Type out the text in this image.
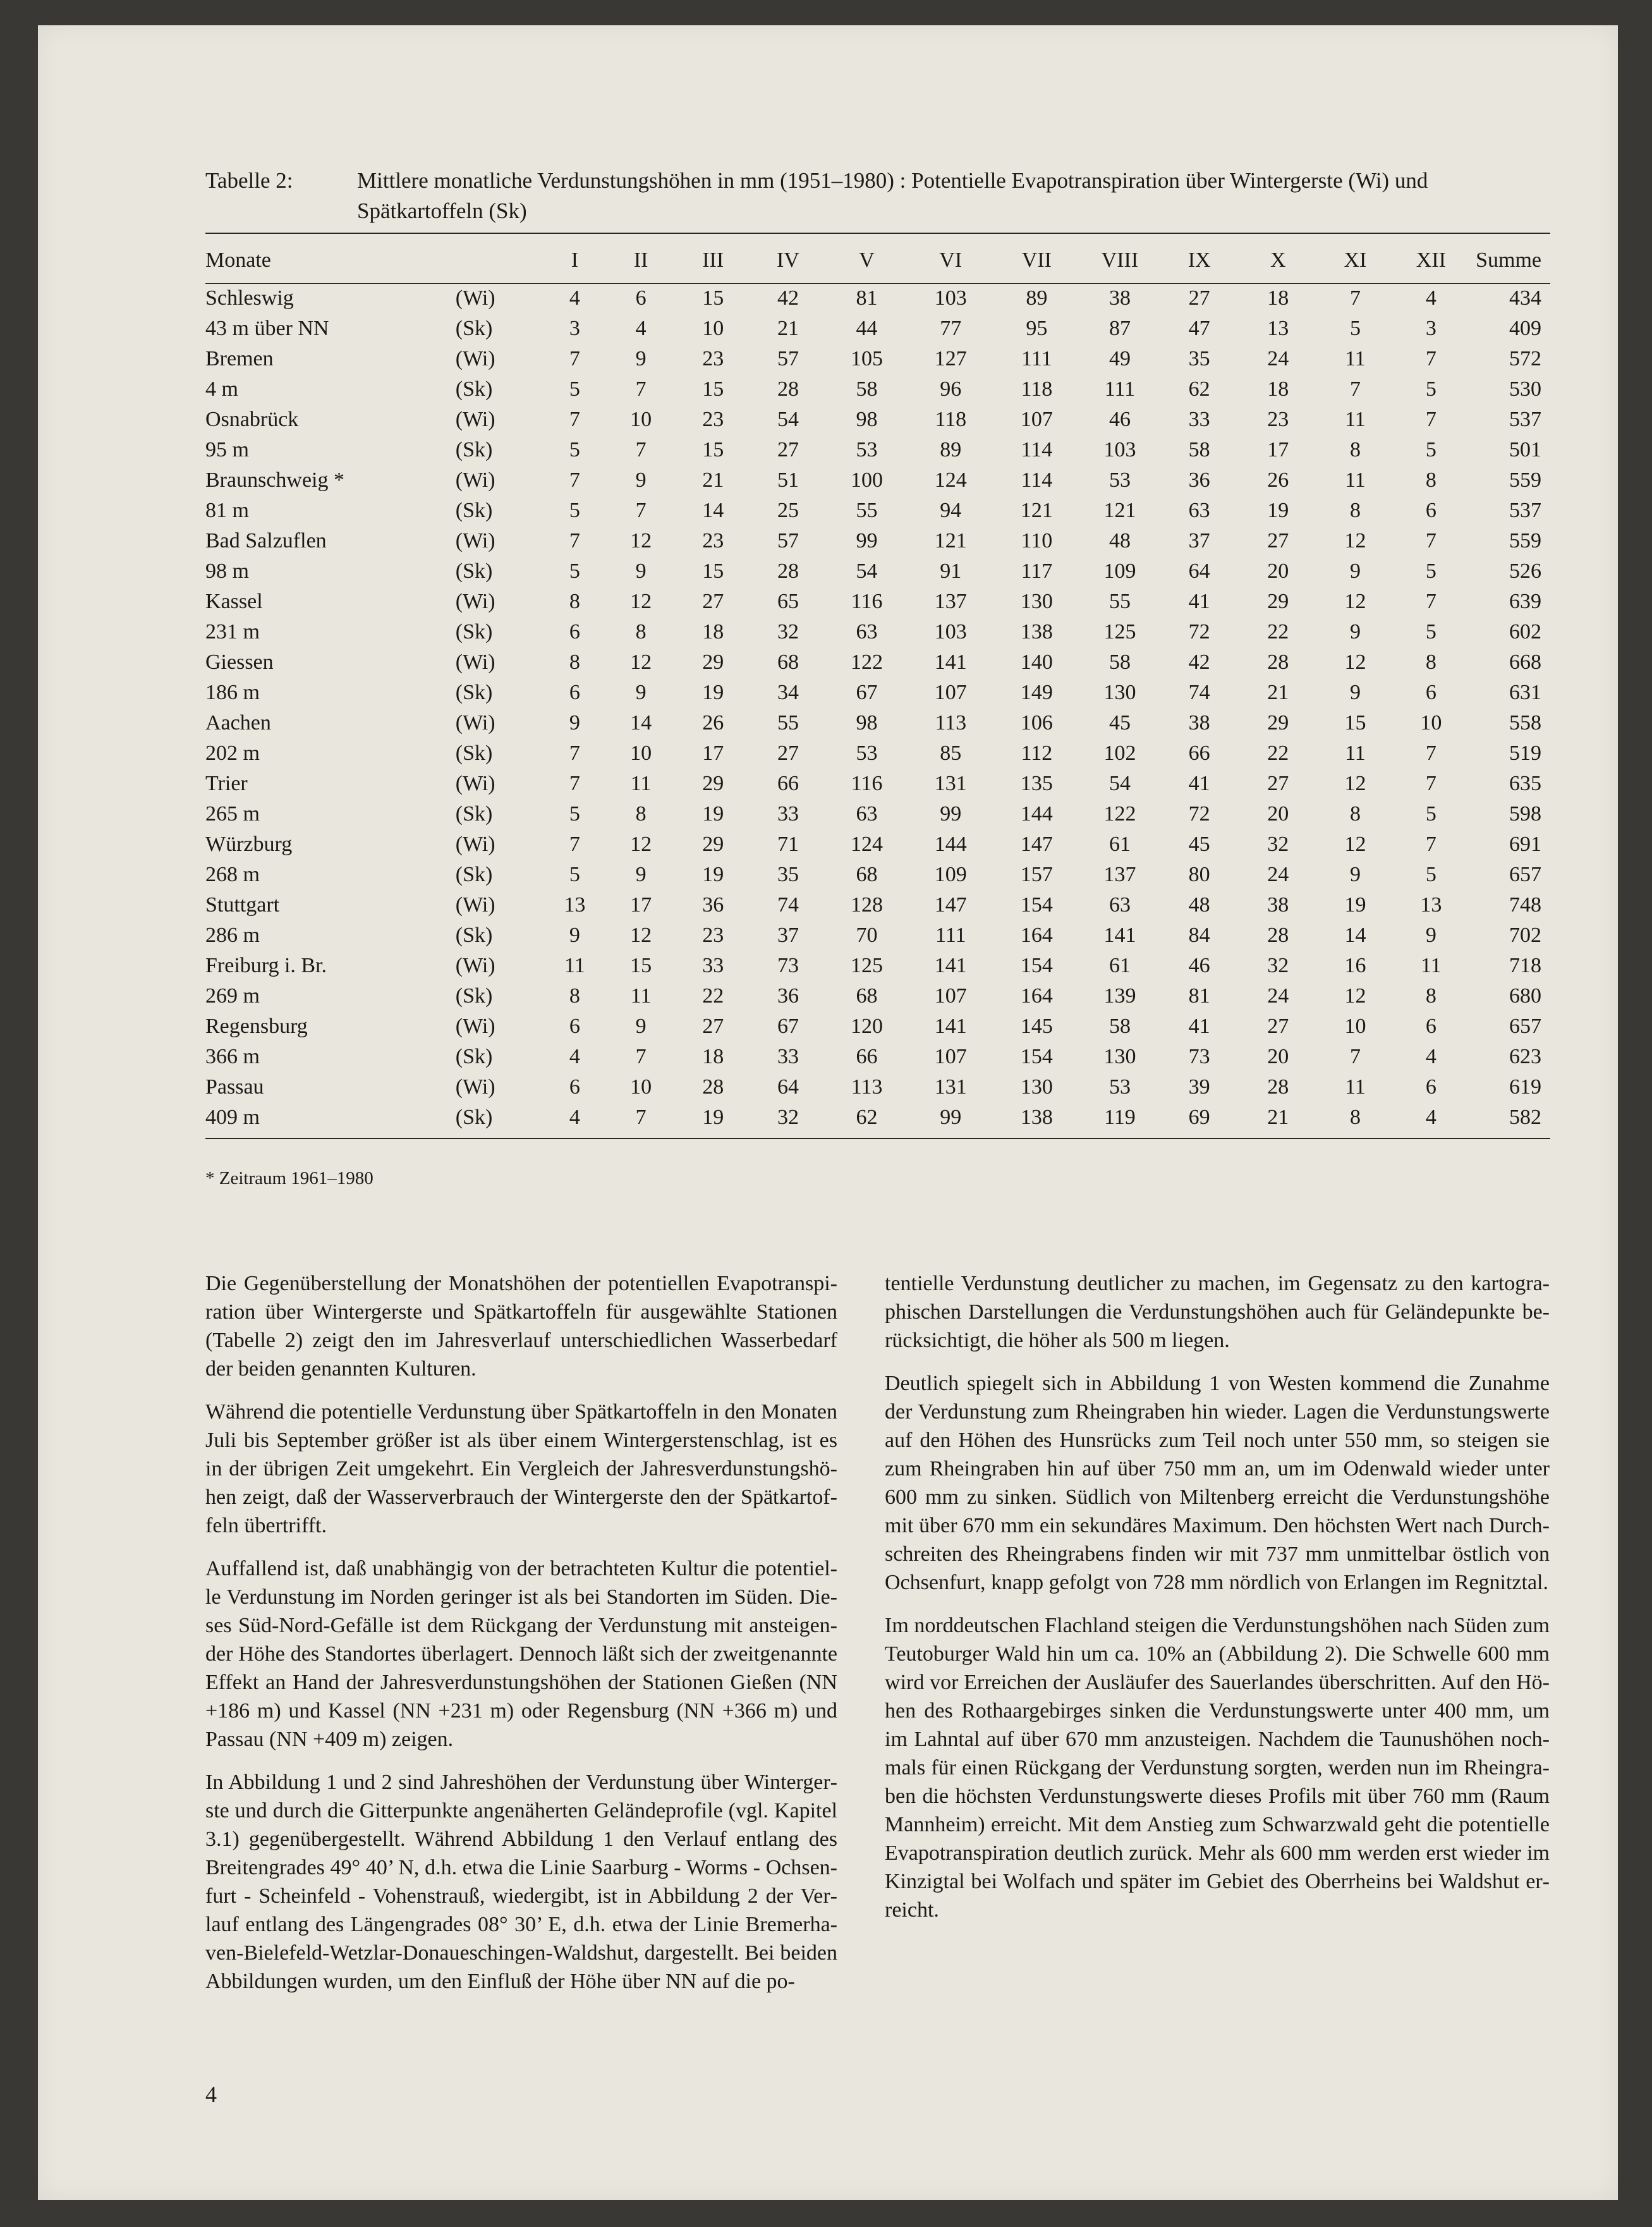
Tabelle 2:	Mittlere monatliche Verdunstungshöhen in mm (1951–1980) : Potentielle Evapotranspiration über Wintergerste (Wi) und
Spätkartoffeln (Sk)
Monate		I	II	III	IV	V	VI	VII	VIII	IX	X	XI	XII	Summe
Schleswig	(Wi)	4	6	15	42	81	103	89	38	27	18	7	4	434
43 m über NN	(Sk)	3	4	10	21	44	77	95	87	47	13	5	3	409
Bremen	(Wi)	7	9	23	57	105	127	111	49	35	24	11	7	572
4 m	(Sk)	5	7	15	28	58	96	118	111	62	18	7	5	530
Osnabrück	(Wi)	7	10	23	54	98	118	107	46	33	23	11	7	537
95 m	(Sk)	5	7	15	27	53	89	114	103	58	17	8	5	501
Braunschweig *	(Wi)	7	9	21	51	100	124	114	53	36	26	11	8	559
81 m	(Sk)	5	7	14	25	55	94	121	121	63	19	8	6	537
Bad Salzuflen	(Wi)	7	12	23	57	99	121	110	48	37	27	12	7	559
98 m	(Sk)	5	9	15	28	54	91	117	109	64	20	9	5	526
Kassel	(Wi)	8	12	27	65	116	137	130	55	41	29	12	7	639
231 m	(Sk)	6	8	18	32	63	103	138	125	72	22	9	5	602
Giessen	(Wi)	8	12	29	68	122	141	140	58	42	28	12	8	668
186 m	(Sk)	6	9	19	34	67	107	149	130	74	21	9	6	631
Aachen	(Wi)	9	14	26	55	98	113	106	45	38	29	15	10	558
202 m	(Sk)	7	10	17	27	53	85	112	102	66	22	11	7	519
Trier	(Wi)	7	11	29	66	116	131	135	54	41	27	12	7	635
265 m	(Sk)	5	8	19	33	63	99	144	122	72	20	8	5	598
Würzburg	(Wi)	7	12	29	71	124	144	147	61	45	32	12	7	691
268 m	(Sk)	5	9	19	35	68	109	157	137	80	24	9	5	657
Stuttgart	(Wi)	13	17	36	74	128	147	154	63	48	38	19	13	748
286 m	(Sk)	9	12	23	37	70	111	164	141	84	28	14	9	702
Freiburg i. Br.	(Wi)	11	15	33	73	125	141	154	61	46	32	16	11	718
269 m	(Sk)	8	11	22	36	68	107	164	139	81	24	12	8	680
Regensburg	(Wi)	6	9	27	67	120	141	145	58	41	27	10	6	657
366 m	(Sk)	4	7	18	33	66	107	154	130	73	20	7	4	623
Passau	(Wi)	6	10	28	64	113	131	130	53	39	28	11	6	619
409 m	(Sk)	4	7	19	32	62	99	138	119	69	21	8	4	582
* Zeitraum 1961–1980

Die Gegenüberstellung der Monatshöhen der potentiellen Evapotranspiration über Wintergerste und Spätkartoffeln für ausgewählte Stationen (Tabelle 2) zeigt den im Jahresverlauf unterschiedlichen Wasserbedarf der beiden genannten Kulturen.

Während die potentielle Verdunstung über Spätkartoffeln in den Monaten Juli bis September größer ist als über einem Wintergerstenschlag, ist es in der übrigen Zeit umgekehrt. Ein Vergleich der Jahresverdunstungshöhen zeigt, daß der Wasserverbrauch der Wintergerste den der Spätkartoffeln übertrifft.

Auffallend ist, daß unabhängig von der betrachteten Kultur die potentielle Verdunstung im Norden geringer ist als bei Standorten im Süden. Dieses Süd-Nord-Gefälle ist dem Rückgang der Verdunstung mit ansteigender Höhe des Standortes überlagert. Dennoch läßt sich der zweitgenannte Effekt an Hand der Jahresverdunstungshöhen der Stationen Gießen (NN +186 m) und Kassel (NN +231 m) oder Regensburg (NN +366 m) und Passau (NN +409 m) zeigen.

In Abbildung 1 und 2 sind Jahreshöhen der Verdunstung über Wintergerste und durch die Gitterpunkte angenäherten Geländeprofile (vgl. Kapitel 3.1) gegenübergestellt. Während Abbildung 1 den Verlauf entlang des Breitengrades 49° 40’ N, d.h. etwa die Linie Saarburg - Worms - Ochsenfurt - Scheinfeld - Vohenstrauß, wiedergibt, ist in Abbildung 2 der Verlauf entlang des Längengrades 08° 30’ E, d.h. etwa der Linie Bremerhaven-Bielefeld-Wetzlar-Donaueschingen-Waldshut, dargestellt. Bei beiden Abbildungen wurden, um den Einfluß der Höhe über NN auf die po-

tentielle Verdunstung deutlicher zu machen, im Gegensatz zu den kartographischen Darstellungen die Verdunstungshöhen auch für Geländepunkte berücksichtigt, die höher als 500 m liegen.

Deutlich spiegelt sich in Abbildung 1 von Westen kommend die Zunahme der Verdunstung zum Rheingraben hin wieder. Lagen die Verdunstungswerte auf den Höhen des Hunsrücks zum Teil noch unter 550 mm, so steigen sie zum Rheingraben hin auf über 750 mm an, um im Odenwald wieder unter 600 mm zu sinken. Südlich von Miltenberg erreicht die Verdunstungshöhe mit über 670 mm ein sekundäres Maximum. Den höchsten Wert nach Durchschreiten des Rheingrabens finden wir mit 737 mm unmittelbar östlich von Ochsenfurt, knapp gefolgt von 728 mm nördlich von Erlangen im Regnitztal.

Im norddeutschen Flachland steigen die Verdunstungshöhen nach Süden zum Teutoburger Wald hin um ca. 10% an (Abbildung 2). Die Schwelle 600 mm wird vor Erreichen der Ausläufer des Sauerlandes überschritten. Auf den Höhen des Rothaargebirges sinken die Verdunstungswerte unter 400 mm, um im Lahntal auf über 670 mm anzusteigen. Nachdem die Taunushöhen nochmals für einen Rückgang der Verdunstung sorgten, werden nun im Rheingraben die höchsten Verdunstungswerte dieses Profils mit über 760 mm (Raum Mannheim) erreicht. Mit dem Anstieg zum Schwarzwald geht die potentielle Evapotranspiration deutlich zurück. Mehr als 600 mm werden erst wieder im Kinzigtal bei Wolfach und später im Gebiet des Oberrheins bei Waldshut erreicht.

4
